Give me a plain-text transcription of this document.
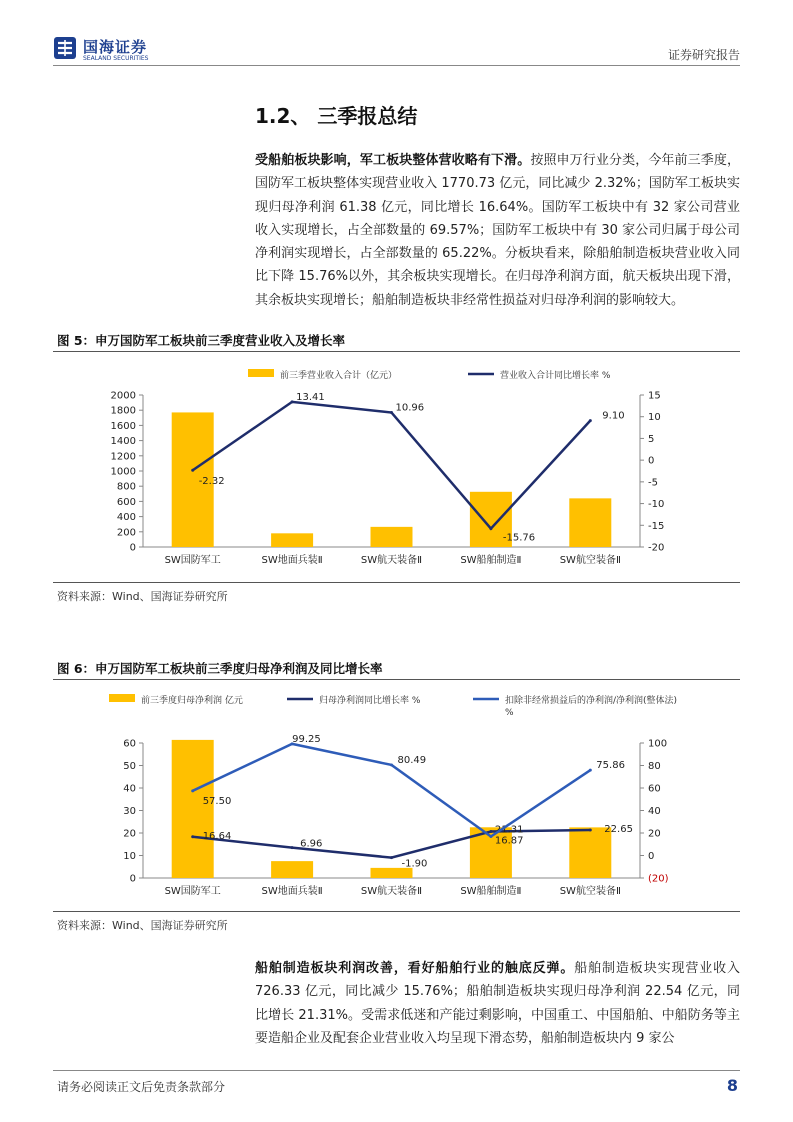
国海证券
SEALAND SECURITIES	证券研究报告
1.2、 三季报总结
受船舶板块影响，军工板块整体营收略有下滑。按照申万行业分类，今年前三季度，国防军工板块整体实现营业收入 1770.73 亿元，同比减少 2.32%；国防军工板块实现归母净利润 61.38 亿元，同比增长 16.64%。国防军工板块中有 32 家公司营业收入实现增长，占全部数量的 69.57%；国防军工板块中有 30 家公司归属于母公司净利润实现增长，占全部数量的 65.22%。分板块看来，除船舶制造板块营业收入同比下降 15.76%以外，其余板块实现增长。在归母净利润方面，航天板块出现下滑，其余板块实现增长；船舶制造板块非经常性损益对归母净利润的影响较大。
图 5：申万国防军工板块前三季度营业收入及增长率
前三季营业收入合计（亿元）	营业收入合计同比增长率 %
0
200
400
600
800
1000
1200
1400
1600
1800
2000
-20
-15
-10
-5
0
5
10
15
SW国防军工	SW地面兵装Ⅱ	SW航天装备Ⅱ	SW船舶制造Ⅱ	SW航空装备Ⅱ
-2.32
13.41
10.96
-15.76
9.10
资料来源：Wind、国海证券研究所
图 6：申万国防军工板块前三季度归母净利润及同比增长率
前三季度归母净利润 亿元	归母净利润同比增长率 %	扣除非经常损益后的净利润/净利润(整体法) %
0
10
20
30
40
50
60
(20)
0
20
40
60
80
100
SW国防军工	SW地面兵装Ⅱ	SW航天装备Ⅱ	SW船舶制造Ⅱ	SW航空装备Ⅱ
16.64
6.96
-1.90
21.31	22.65
57.50
99.25
80.49
16.87
75.86
资料来源：Wind、国海证券研究所
船舶制造板块利润改善，看好船舶行业的触底反弹。船舶制造板块实现营业收入 726.33 亿元，同比减少 15.76%；船舶制造板块实现归母净利润 22.54 亿元，同比增长 21.31%。受需求低迷和产能过剩影响，中国重工、中国船舶、中船防务等主要造船企业及配套企业营业收入均呈现下滑态势，船舶制造板块内 9 家公
请务必阅读正文后免责条款部分	8
